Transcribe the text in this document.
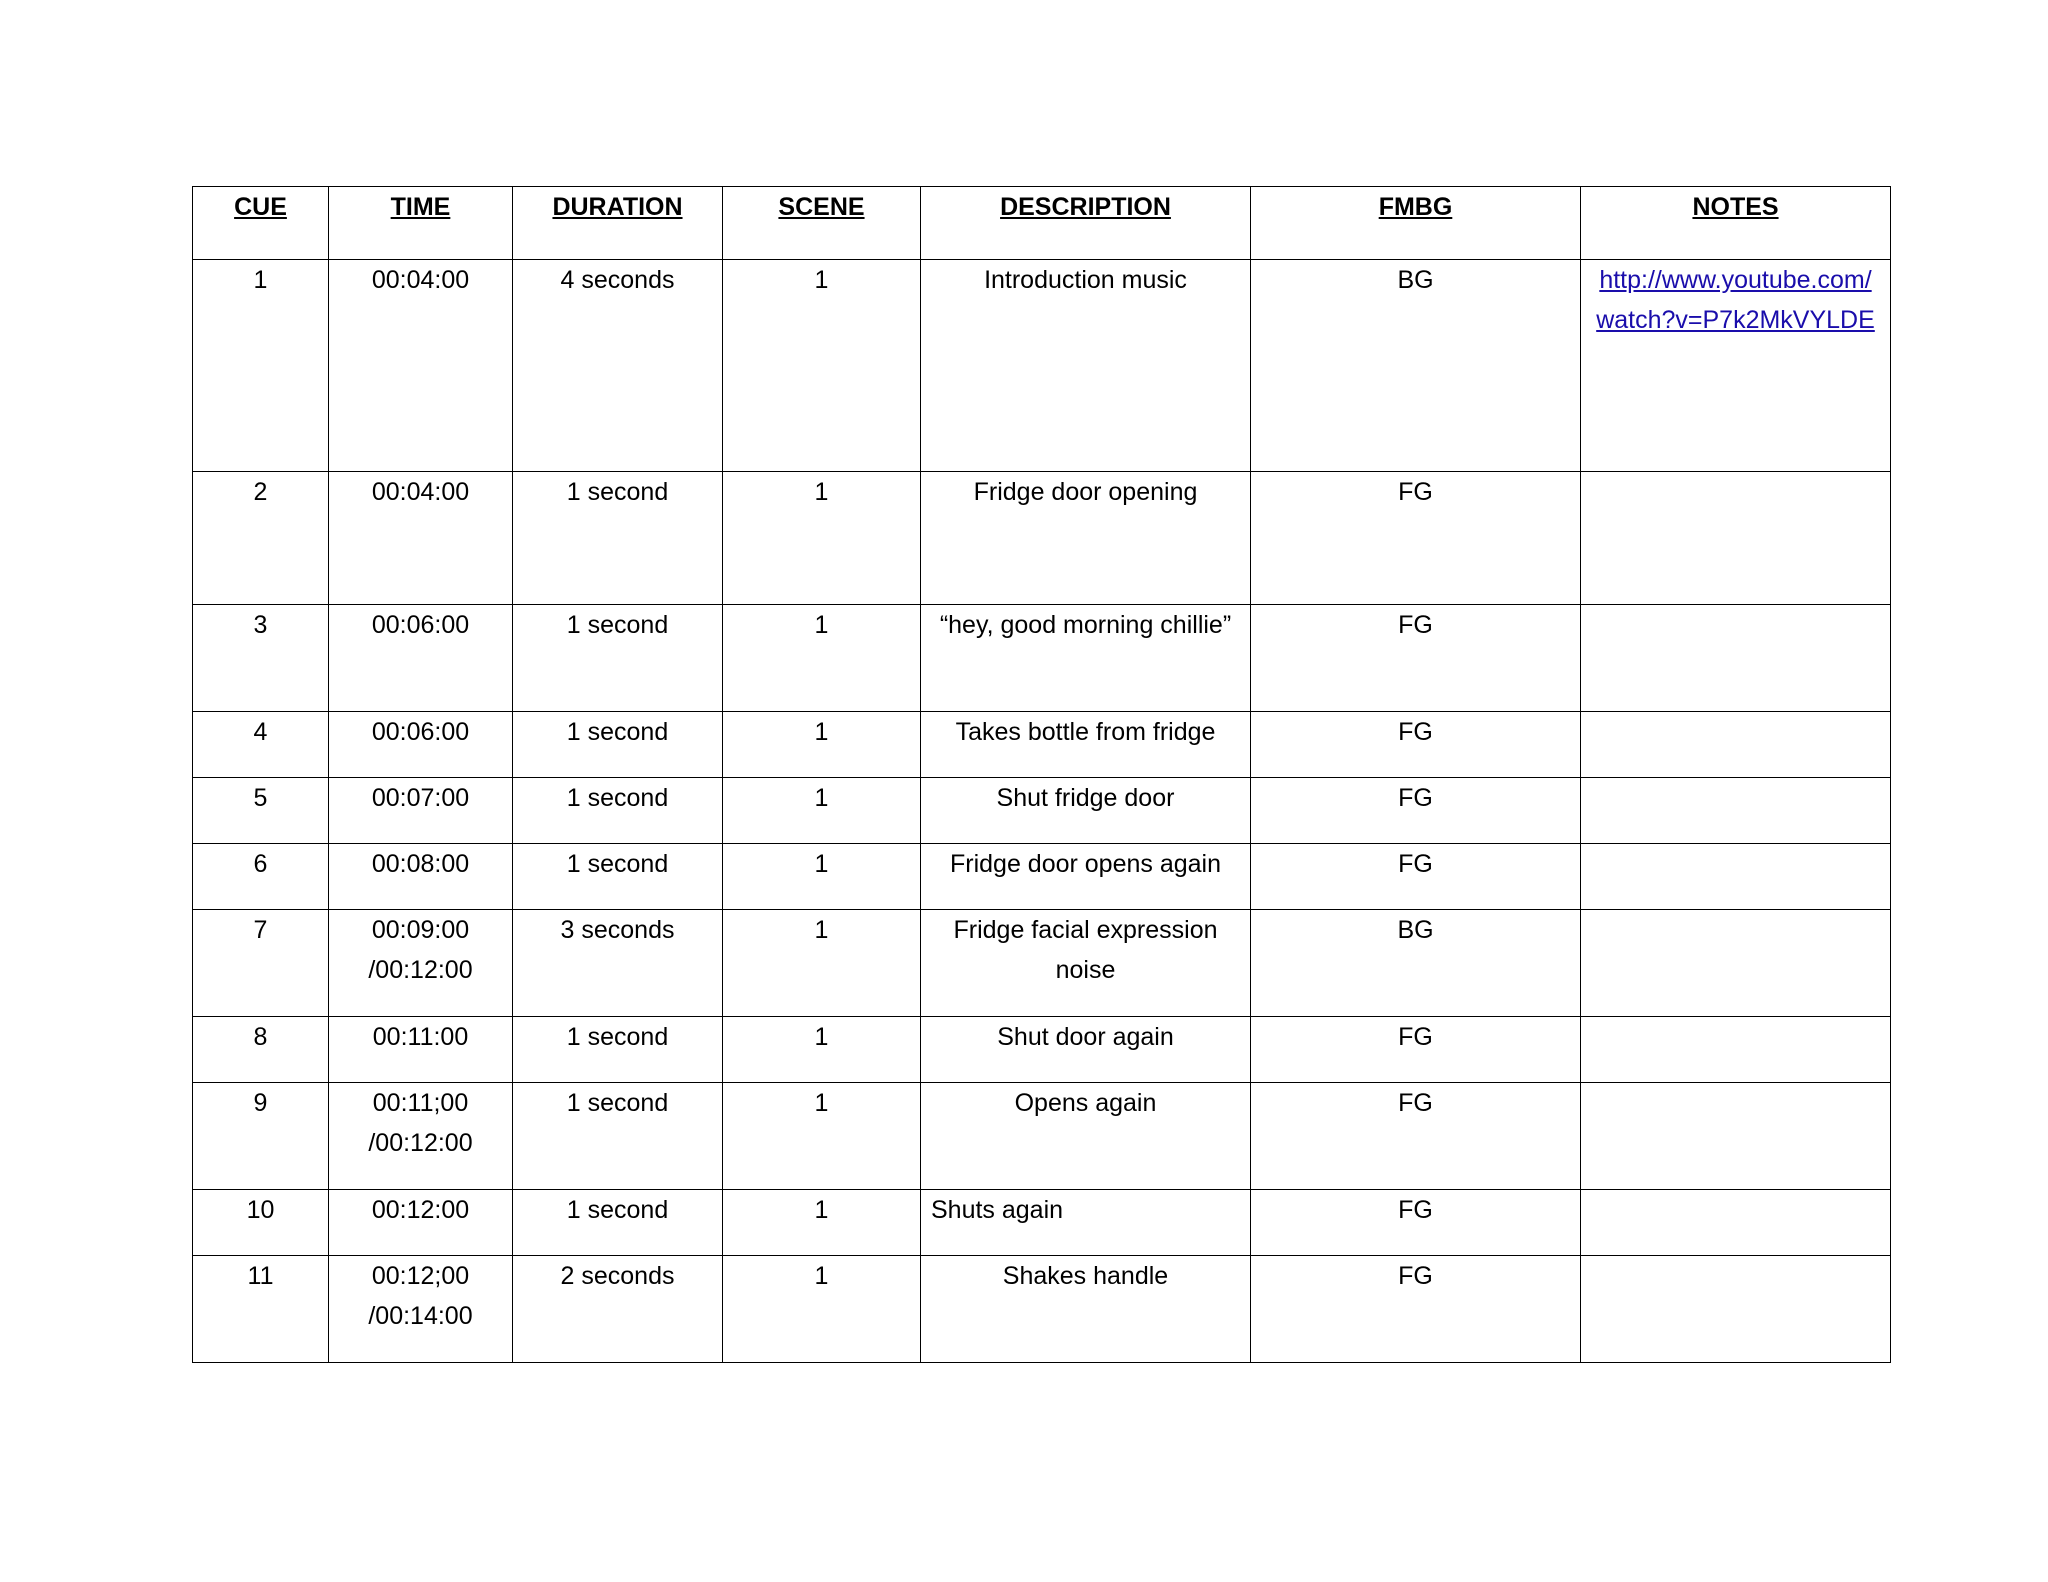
CUE	TIME	DURATION	SCENE	DESCRIPTION	FMBG	NOTES
1	00:04:00	4 seconds	1	Introduction music	BG	http://www.youtube.com/watch?v=P7k2MkVYLDE
2	00:04:00	1 second	1	Fridge door opening	FG	
3	00:06:00	1 second	1	“hey, good morning chillie”	FG	
4	00:06:00	1 second	1	Takes bottle from fridge	FG	
5	00:07:00	1 second	1	Shut fridge door	FG	
6	00:08:00	1 second	1	Fridge door opens again	FG	
7	00:09:00 /00:12:00	3 seconds	1	Fridge facial expression noise	BG	
8	00:11:00	1 second	1	Shut door again	FG	
9	00:11;00 /00:12:00	1 second	1	Opens again	FG	
10	00:12:00	1 second	1	Shuts again	FG	
11	00:12;00 /00:14:00	2 seconds	1	Shakes handle	FG	
